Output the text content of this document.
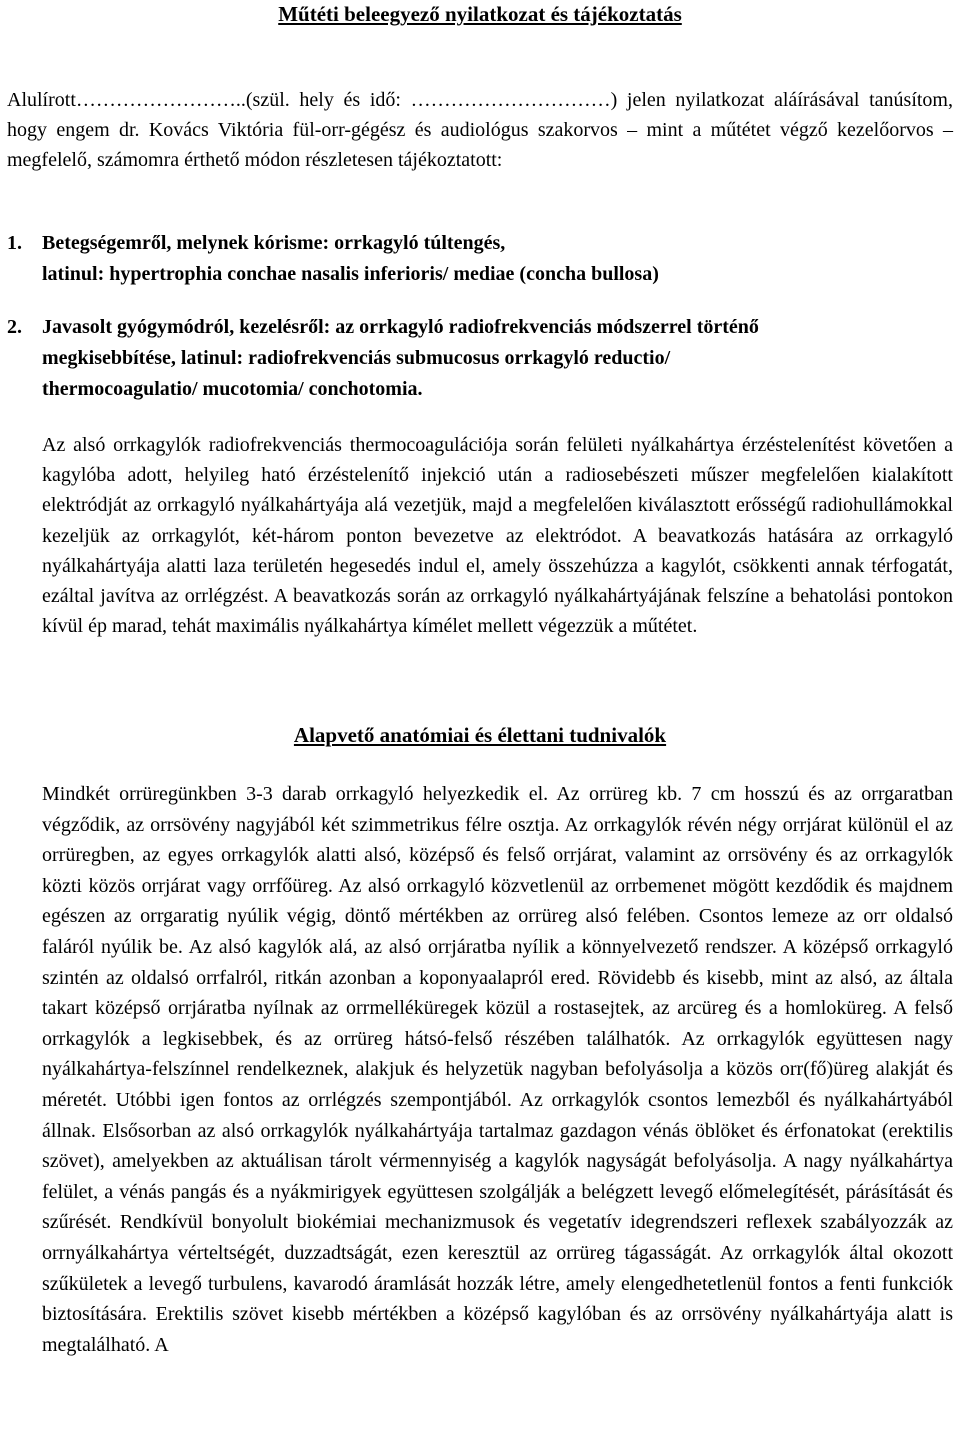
Műtéti beleegyező nyilatkozat és tájékoztatás

Alulírott……………………..(szül. hely és idő: …………………………) jelen nyilatkozat aláírásával tanúsítom, hogy engem dr. Kovács Viktória fül-orr-gégész és audiológus szakorvos – mint a műtétet végző kezelőorvos – megfelelő, számomra érthető módon részletesen tájékoztatott:

1. Betegségemről, melynek kórisme: orrkagyló túltengés,
latinul: hypertrophia conchae nasalis inferioris/ mediae (concha bullosa)
2. Javasolt gyógymódról, kezelésről: az orrkagyló radiofrekvenciás módszerrel történő
megkisebbítése, latinul: radiofrekvenciás submucosus orrkagyló reductio/
thermocoagulatio/ mucotomia/ conchotomia.

Az alsó orrkagylók radiofrekvenciás thermocoagulációja során felületi nyálkahártya érzéstelenítést követően a kagylóba adott, helyileg ható érzéstelenítő injekció után a radiosebészeti műszer megfelelően kialakított elektródját az orrkagyló nyálkahártyája alá vezetjük, majd a megfelelően kiválasztott erősségű radiohullámokkal kezeljük az orrkagylót, két-három ponton bevezetve az elektródot. A beavatkozás hatására az orrkagyló nyálkahártyája alatti laza területén hegesedés indul el, amely összehúzza a kagylót, csökkenti annak térfogatát, ezáltal javítva az orrlégzést. A beavatkozás során az orrkagyló nyálkahártyájának felszíne a behatolási pontokon kívül ép marad, tehát maximális nyálkahártya kímélet mellett végezzük a műtétet.

Alapvető anatómiai és élettani tudnivalók

Mindkét orrüregünkben 3-3 darab orrkagyló helyezkedik el. Az orrüreg kb. 7 cm hosszú és az orrgaratban végződik, az orrsövény nagyjából két szimmetrikus félre osztja. Az orrkagylók révén négy orrjárat különül el az orrüregben, az egyes orrkagylók alatti alsó, középső és felső orrjárat, valamint az orrsövény és az orrkagylók közti közös orrjárat vagy orrfőüreg. Az alsó orrkagyló közvetlenül az orrbemenet mögött kezdődik és majdnem egészen az orrgaratig nyúlik végig, döntő mértékben az orrüreg alsó felében. Csontos lemeze az orr oldalsó faláról nyúlik be. Az alsó kagylók alá, az alsó orrjáratba nyílik a könnyelvezető rendszer. A középső orrkagyló szintén az oldalsó orrfalról, ritkán azonban a koponyaalapról ered. Rövidebb és kisebb, mint az alsó, az általa takart középső orrjáratba nyílnak az orrmelléküregek közül a rostasejtek, az arcüreg és a homloküreg. A felső orrkagylók a legkisebbek, és az orrüreg hátsó-felső részében találhatók. Az orrkagylók együttesen nagy nyálkahártya-felszínnel rendelkeznek, alakjuk és helyzetük nagyban befolyásolja a közös orr(fő)üreg alakját és méretét. Utóbbi igen fontos az orrlégzés szempontjából. Az orrkagylók csontos lemezből és nyálkahártyából állnak. Elsősorban az alsó orrkagylók nyálkahártyája tartalmaz gazdagon vénás öblöket és érfonatokat (erektilis szövet), amelyekben az aktuálisan tárolt vérmennyiség a kagylók nagyságát befolyásolja. A nagy nyálkahártya felület, a vénás pangás és a nyákmirigyek együttesen szolgálják a belégzett levegő előmelegítését, párásítását és szűrését. Rendkívül bonyolult biokémiai mechanizmusok és vegetatív idegrendszeri reflexek szabályozzák az orrnyálkahártya vérteltségét, duzzadtságát, ezen keresztül az orrüreg tágasságát. Az orrkagylók által okozott szűkületek a levegő turbulens, kavarodó áramlását hozzák létre, amely elengedhetetlenül fontos a fenti funkciók biztosítására. Erektilis szövet kisebb mértékben a középső kagylóban és az orrsövény nyálkahártyája alatt is megtalálható. A
